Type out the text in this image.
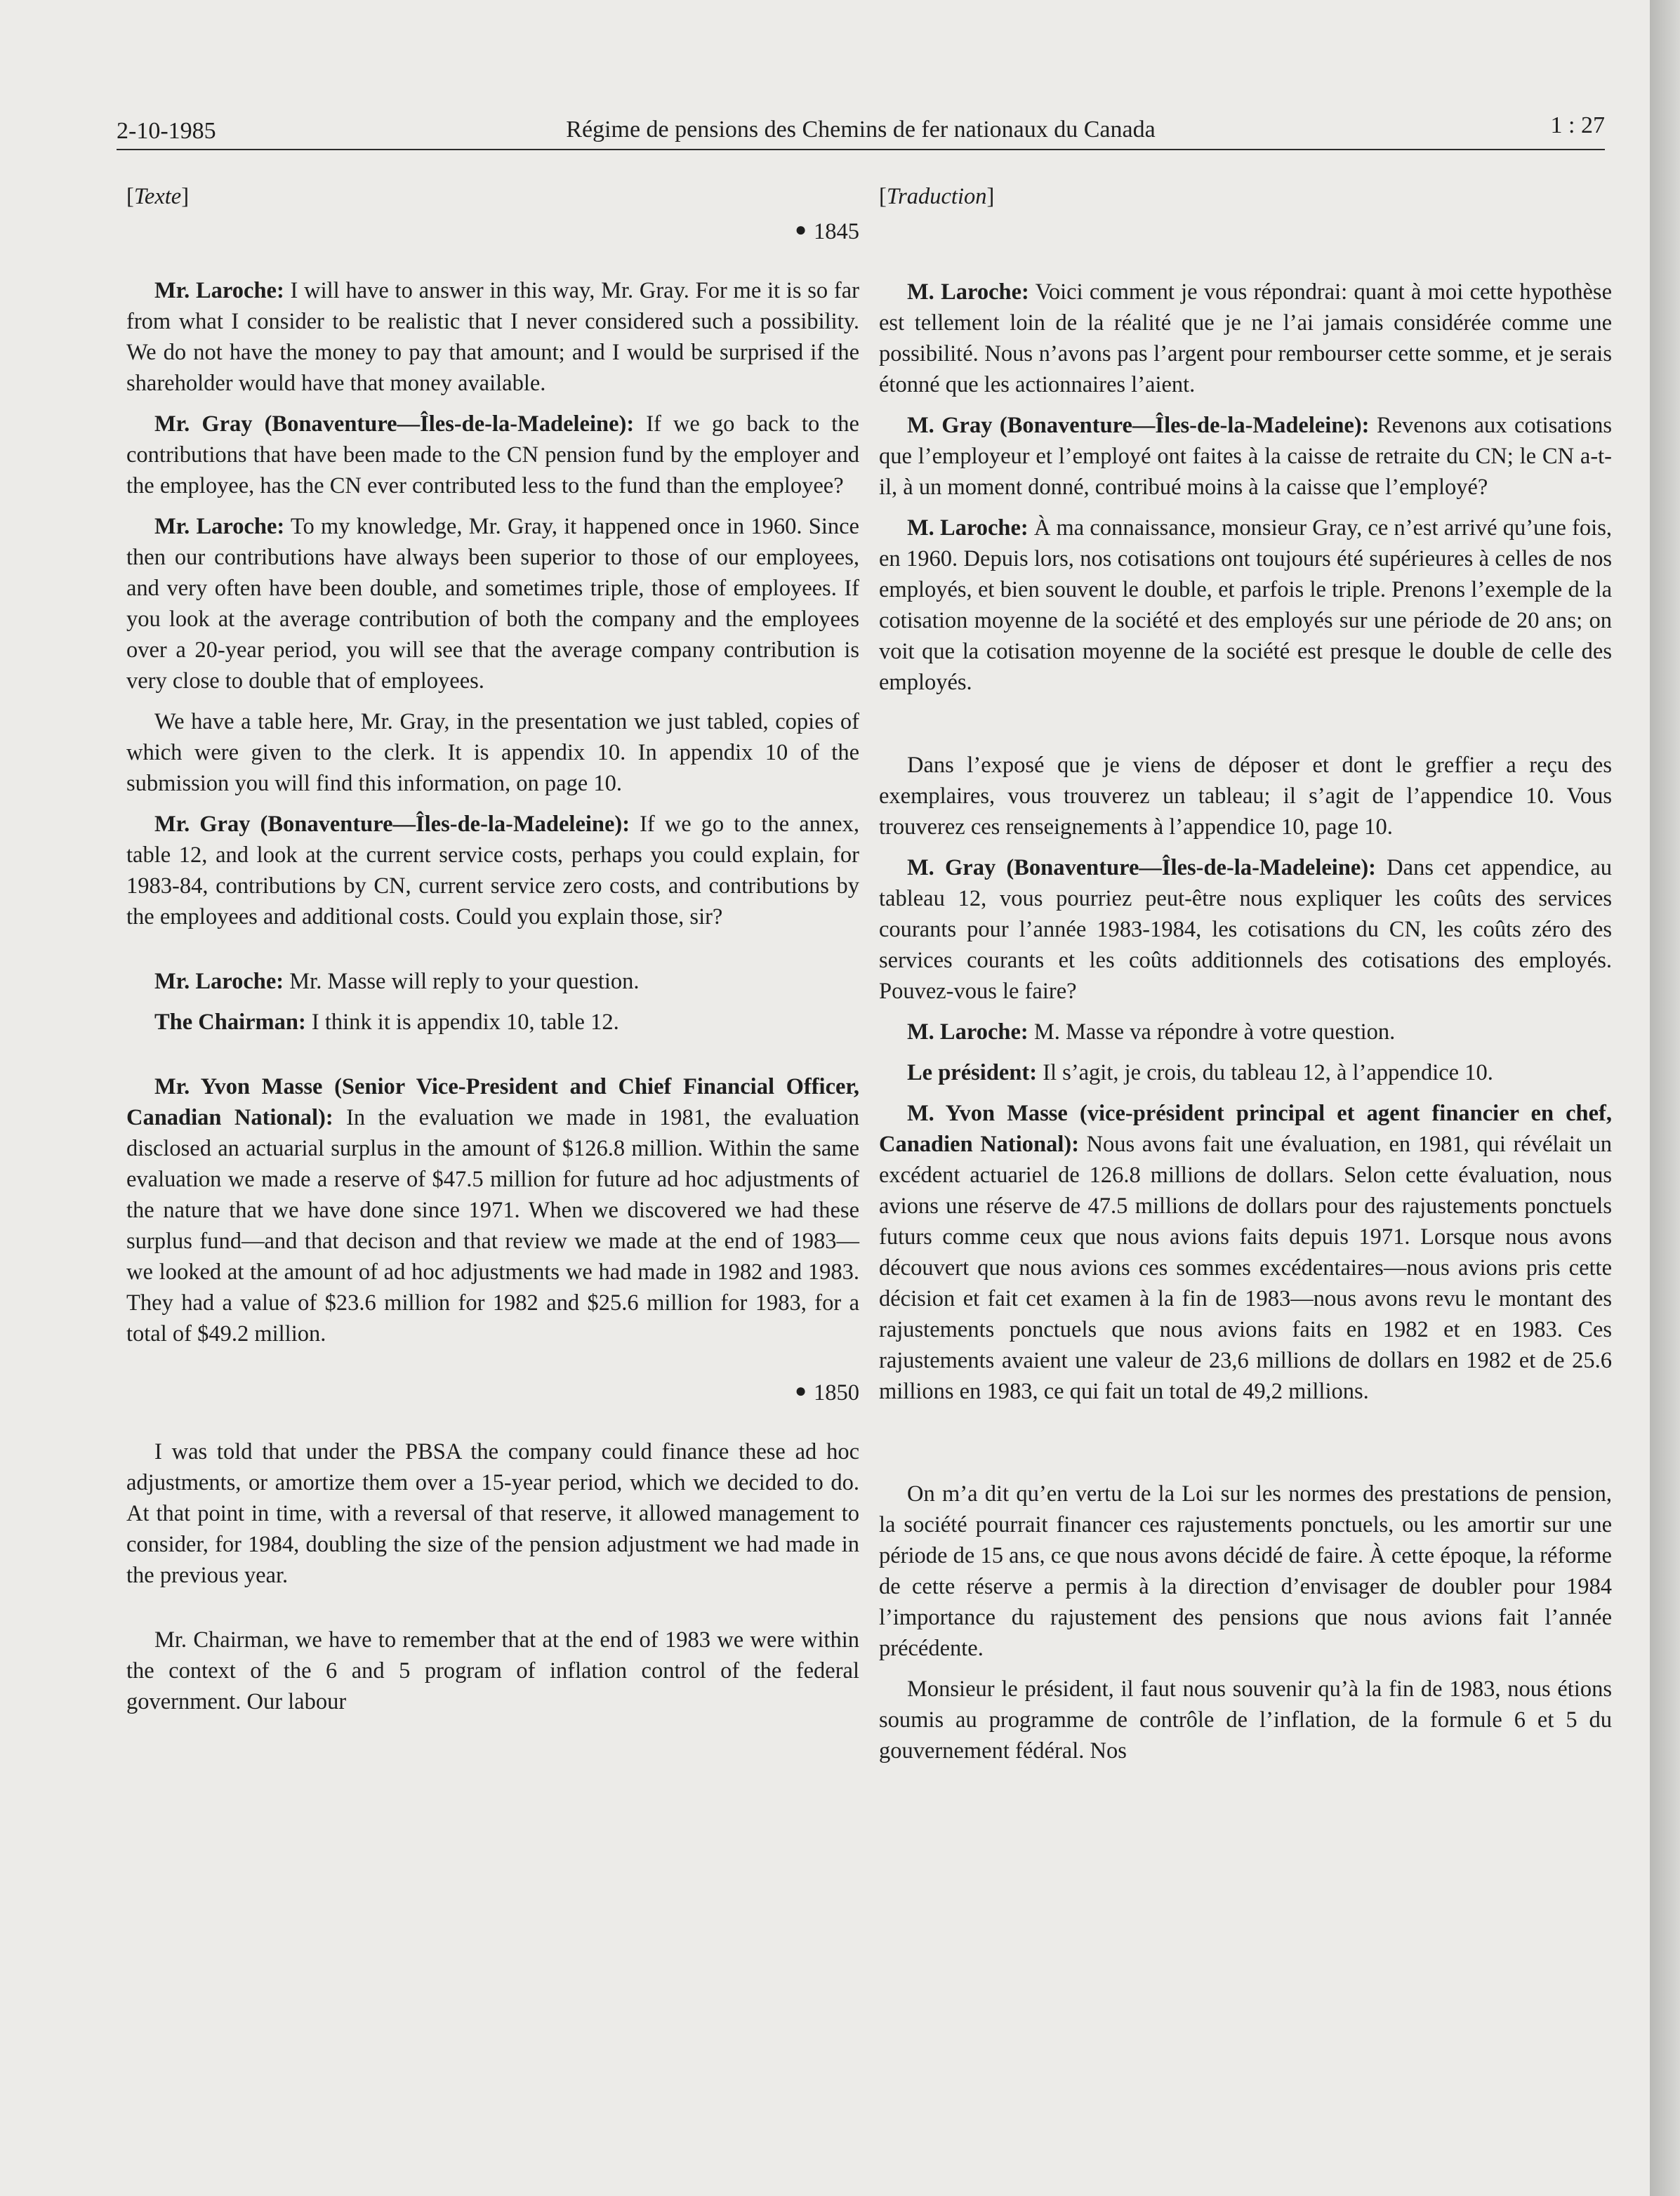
2-10-1985	Régime de pensions des Chemins de fer nationaux du Canada	1 : 27
[Texte]
● 1845

Mr. Laroche: I will have to answer in this way, Mr. Gray. For me it is so far from what I consider to be realistic that I never considered such a possibility. We do not have the money to pay that amount; and I would be surprised if the shareholder would have that money available.

Mr. Gray (Bonaventure—Îles-de-la-Madeleine): If we go back to the contributions that have been made to the CN pension fund by the employer and the employee, has the CN ever contributed less to the fund than the employee?

Mr. Laroche: To my knowledge, Mr. Gray, it happened once in 1960. Since then our contributions have always been superior to those of our employees, and very often have been double, and sometimes triple, those of employees. If you look at the average contribution of both the company and the employees over a 20-year period, you will see that the average company contribution is very close to double that of employees.

We have a table here, Mr. Gray, in the presentation we just tabled, copies of which were given to the clerk. It is appendix 10. In appendix 10 of the submission you will find this information, on page 10.

Mr. Gray (Bonaventure—Îles-de-la-Madeleine): If we go to the annex, table 12, and look at the current service costs, perhaps you could explain, for 1983-84, contributions by CN, current service zero costs, and contributions by the employees and additional costs. Could you explain those, sir?

Mr. Laroche: Mr. Masse will reply to your question.

The Chairman: I think it is appendix 10, table 12.

Mr. Yvon Masse (Senior Vice-President and Chief Financial Officer, Canadian National): In the evaluation we made in 1981, the evaluation disclosed an actuarial surplus in the amount of $126.8 million. Within the same evaluation we made a reserve of $47.5 million for future ad hoc adjustments of the nature that we have done since 1971. When we discovered we had these surplus fund—and that decison and that review we made at the end of 1983—we looked at the amount of ad hoc adjustments we had made in 1982 and 1983. They had a value of $23.6 million for 1982 and $25.6 million for 1983, for a total of $49.2 million.

● 1850

I was told that under the PBSA the company could finance these ad hoc adjustments, or amortize them over a 15-year period, which we decided to do. At that point in time, with a reversal of that reserve, it allowed management to consider, for 1984, doubling the size of the pension adjustment we had made in the previous year.

Mr. Chairman, we have to remember that at the end of 1983 we were within the context of the 6 and 5 program of inflation control of the federal government. Our labour

[Traduction]

M. Laroche: Voici comment je vous répondrai: quant à moi cette hypothèse est tellement loin de la réalité que je ne l’ai jamais considérée comme une possibilité. Nous n’avons pas l’argent pour rembourser cette somme, et je serais étonné que les actionnaires l’aient.

M. Gray (Bonaventure—Îles-de-la-Madeleine): Revenons aux cotisations que l’employeur et l’employé ont faites à la caisse de retraite du CN; le CN a-t-il, à un moment donné, contribué moins à la caisse que l’employé?

M. Laroche: À ma connaissance, monsieur Gray, ce n’est arrivé qu’une fois, en 1960. Depuis lors, nos cotisations ont toujours été supérieures à celles de nos employés, et bien souvent le double, et parfois le triple. Prenons l’exemple de la cotisation moyenne de la société et des employés sur une période de 20 ans; on voit que la cotisation moyenne de la société est presque le double de celle des employés.

Dans l’exposé que je viens de déposer et dont le greffier a reçu des exemplaires, vous trouverez un tableau; il s’agit de l’appendice 10. Vous trouverez ces renseignements à l’appendice 10, page 10.

M. Gray (Bonaventure—Îles-de-la-Madeleine): Dans cet appendice, au tableau 12, vous pourriez peut-être nous expliquer les coûts des services courants pour l’année 1983-1984, les cotisations du CN, les coûts zéro des services courants et les coûts additionnels des cotisations des employés. Pouvez-vous le faire?

M. Laroche: M. Masse va répondre à votre question.

Le président: Il s’agit, je crois, du tableau 12, à l’appendice 10.

M. Yvon Masse (vice-président principal et agent financier en chef, Canadien National): Nous avons fait une évaluation, en 1981, qui révélait un excédent actuariel de 126.8 millions de dollars. Selon cette évaluation, nous avions une réserve de 47.5 millions de dollars pour des rajustements ponctuels futurs comme ceux que nous avions faits depuis 1971. Lorsque nous avons découvert que nous avions ces sommes excédentaires—nous avions pris cette décision et fait cet examen à la fin de 1983—nous avons revu le montant des rajustements ponctuels que nous avions faits en 1982 et en 1983. Ces rajustements avaient une valeur de 23,6 millions de dollars en 1982 et de 25.6 millions en 1983, ce qui fait un total de 49,2 millions.

On m’a dit qu’en vertu de la Loi sur les normes des prestations de pension, la société pourrait financer ces rajustements ponctuels, ou les amortir sur une période de 15 ans, ce que nous avons décidé de faire. À cette époque, la réforme de cette réserve a permis à la direction d’envisager de doubler pour 1984 l’importance du rajustement des pensions que nous avions fait l’année précédente.

Monsieur le président, il faut nous souvenir qu’à la fin de 1983, nous étions soumis au programme de contrôle de l’inflation, de la formule 6 et 5 du gouvernement fédéral. Nos
